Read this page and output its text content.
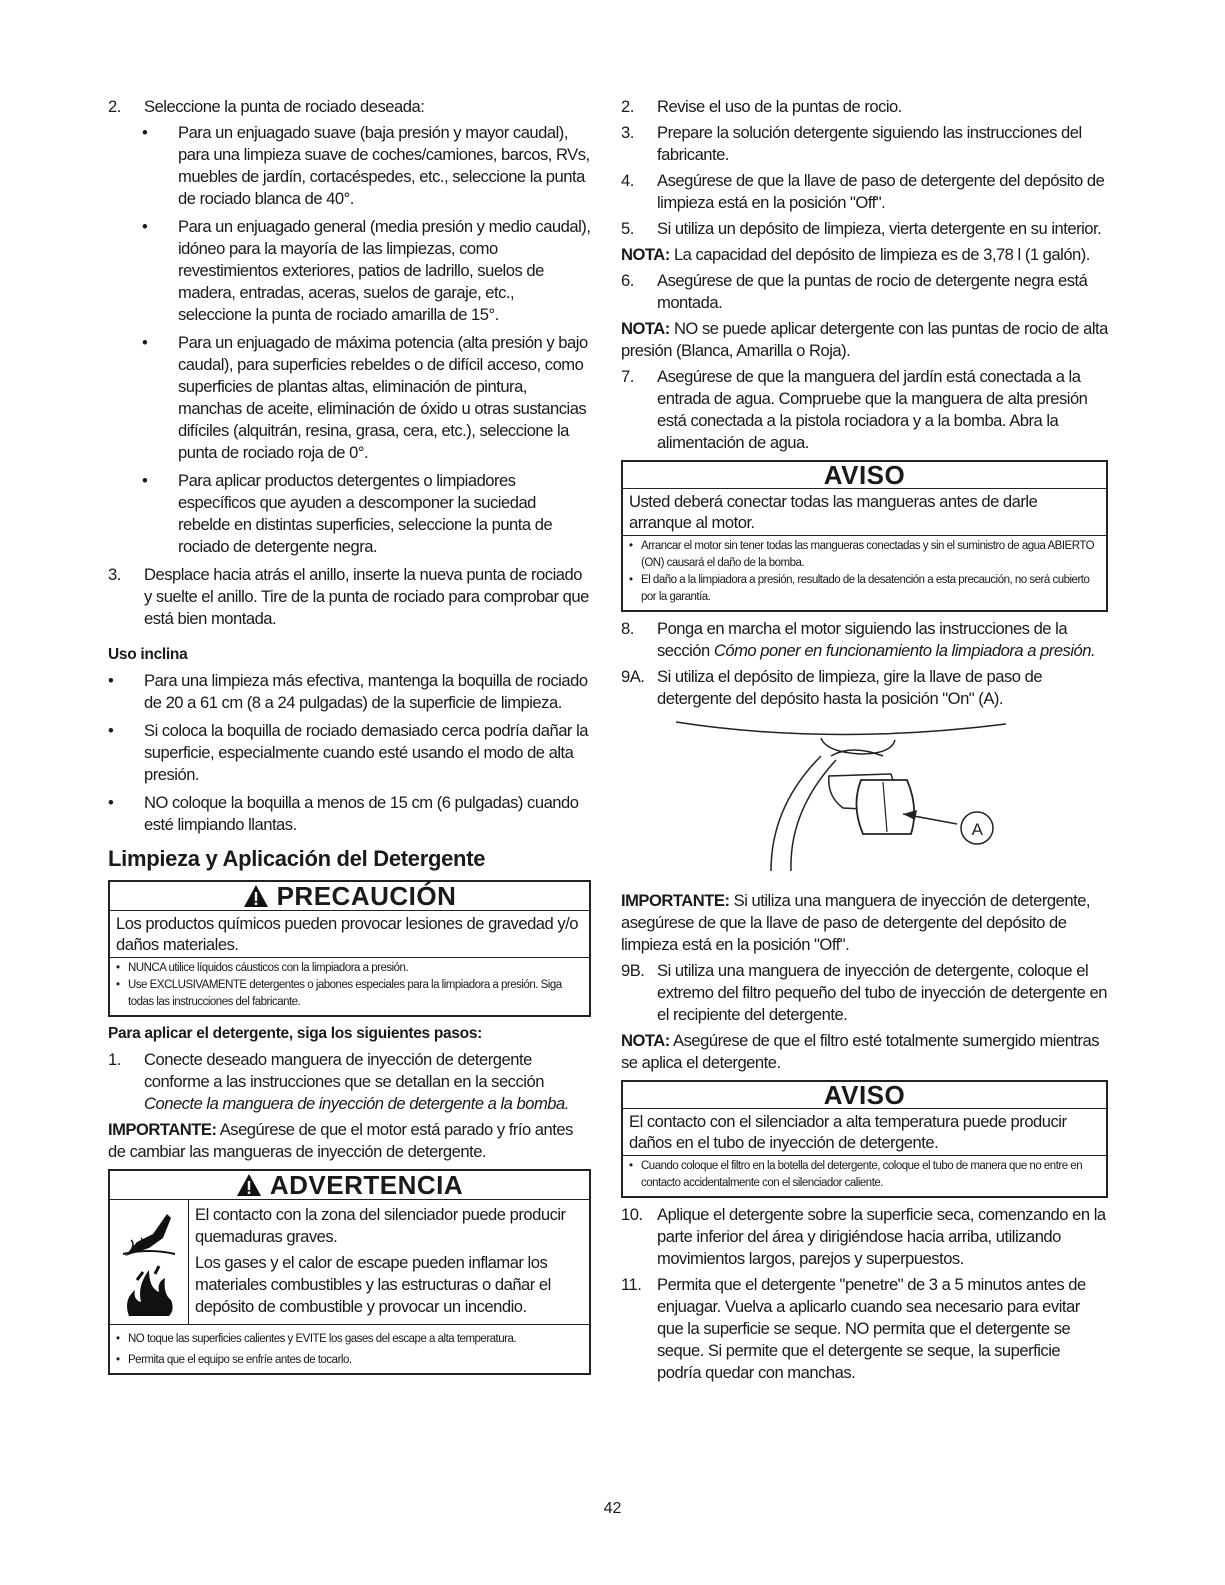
2.	Seleccione la punta de rociado deseada:
•	Para un enjuagado suave (baja presión y mayor caudal), para una limpieza suave de coches/camiones, barcos, RVs, muebles de jardín, cortacéspedes, etc., seleccione la punta de rociado blanca de 40°.
•	Para un enjuagado general (media presión y medio caudal), idóneo para la mayoría de las limpiezas, como revestimientos exteriores, patios de ladrillo, suelos de madera, entradas, aceras, suelos de garaje, etc., seleccione la punta de rociado amarilla de 15°.
•	Para un enjuagado de máxima potencia (alta presión y bajo caudal), para superficies rebeldes o de difícil acceso, como superficies de plantas altas, eliminación de pintura, manchas de aceite, eliminación de óxido u otras sustancias difíciles (alquitrán, resina, grasa, cera, etc.), seleccione la punta de rociado roja de 0°.
•	Para aplicar productos detergentes o limpiadores específicos que ayuden a descomponer la suciedad rebelde en distintas superficies, seleccione la punta de rociado de detergente negra.
3.	Desplace hacia atrás el anillo, inserte la nueva punta de rociado y suelte el anillo. Tire de la punta de rociado para comprobar que está bien montada.
Uso inclina
•	Para una limpieza más efectiva, mantenga la boquilla de rociado de 20 a 61 cm (8 a 24 pulgadas) de la superficie de limpieza.
•	Si coloca la boquilla de rociado demasiado cerca podría dañar la superficie, especialmente cuando esté usando el modo de alta presión.
•	NO coloque la boquilla a menos de 15 cm (6 pulgadas) cuando esté limpiando llantas.
Limpieza y Aplicación del Detergente
PRECAUCIÓN
Los productos químicos pueden provocar lesiones de gravedad y/o daños materiales.
• NUNCA utilice líquidos cáusticos con la limpiadora a presión.
• Use EXCLUSIVAMENTE detergentes o jabones especiales para la limpiadora a presión. Siga todas las instrucciones del fabricante.
Para aplicar el detergente, siga los siguientes pasos:
1.	Conecte deseado manguera de inyección de detergente conforme a las instrucciones que se detallan en la sección Conecte la manguera de inyección de detergente a la bomba.
IMPORTANTE: Asegúrese de que el motor está parado y frío antes de cambiar las mangueras de inyección de detergente.
ADVERTENCIA
El contacto con la zona del silenciador puede producir quemaduras graves.
Los gases y el calor de escape pueden inflamar los materiales combustibles y las estructuras o dañar el depósito de combustible y provocar un incendio.
• NO toque las superficies calientes y EVITE los gases del escape a alta temperatura.
• Permita que el equipo se enfríe antes de tocarlo.
2.	Revise el uso de la puntas de rocio.
3.	Prepare la solución detergente siguiendo las instrucciones del fabricante.
4.	Asegúrese de que la llave de paso de detergente del depósito de limpieza está en la posición "Off".
5.	Si utiliza un depósito de limpieza, vierta detergente en su interior.
NOTA: La capacidad del depósito de limpieza es de 3,78 l (1 galón).
6.	Asegúrese de que la puntas de rocio de detergente negra está montada.
NOTA: NO se puede aplicar detergente con las puntas de rocio de alta presión (Blanca, Amarilla o Roja).
7.	Asegúrese de que la manguera del jardín está conectada a la entrada de agua. Compruebe que la manguera de alta presión está conectada a la pistola rociadora y a la bomba. Abra la alimentación de agua.
AVISO
Usted deberá conectar todas las mangueras antes de darle arranque al motor.
• Arrancar el motor sin tener todas las mangueras conectadas y sin el suministro de agua ABIERTO (ON) causará el daño de la bomba.
• El daño a la limpiadora a presión, resultado de la desatención a esta precaución, no será cubierto por la garantía.
8.	Ponga en marcha el motor siguiendo las instrucciones de la sección Cómo poner en funcionamiento la limpiadora a presión.
9A. Si utiliza el depósito de limpieza, gire la llave de paso de detergente del depósito hasta la posición "On" (A).
A
IMPORTANTE: Si utiliza una manguera de inyección de detergente, asegúrese de que la llave de paso de detergente del depósito de limpieza está en la posición "Off".
9B. Si utiliza una manguera de inyección de detergente, coloque el extremo del filtro pequeño del tubo de inyección de detergente en el recipiente del detergente.
NOTA: Asegúrese de que el filtro esté totalmente sumergido mientras se aplica el detergente.
AVISO
El contacto con el silenciador a alta temperatura puede producir daños en el tubo de inyección de detergente.
• Cuando coloque el filtro en la botella del detergente, coloque el tubo de manera que no entre en contacto accidentalmente con el silenciador caliente.
10. Aplique el detergente sobre la superficie seca, comenzando en la parte inferior del área y dirigiéndose hacia arriba, utilizando movimientos largos, parejos y superpuestos.
11. Permita que el detergente "penetre" de 3 a 5 minutos antes de enjuagar. Vuelva a aplicarlo cuando sea necesario para evitar que la superficie se seque. NO permita que el detergente se seque. Si permite que el detergente se seque, la superficie podría quedar con manchas.
42
